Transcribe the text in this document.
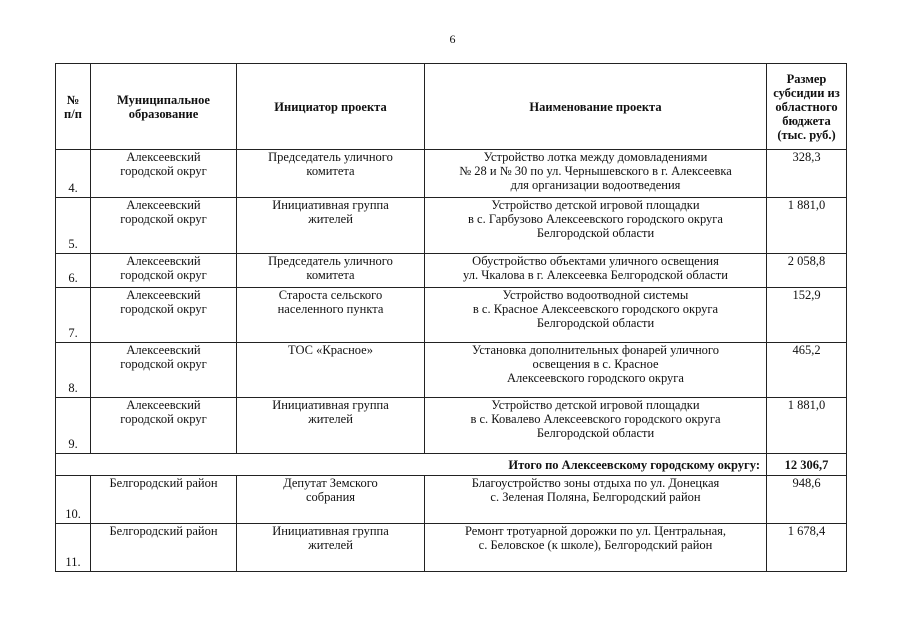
6
№
п/п	Муниципальное
образование	Инициатор проекта	Наименование проекта	Размер
субсидии из
областного
бюджета
(тыс. руб.)

4.	Алексеевский
городской округ	Председатель уличного
комитета	Устройство лотка между домовладениями
№ 28 и № 30 по ул. Чернышевского в г. Алексеевка
для организации водоотведения	328,3
5.	Алексеевский
городской округ	Инициативная группа
жителей	Устройство детской игровой площадки
в с. Гарбузово Алексеевского городского округа
Белгородской области	1 881,0
6.	Алексеевский
городской округ	Председатель уличного
комитета	Обустройство объектами уличного освещения
ул. Чкалова в г. Алексеевка Белгородской области	2 058,8
7.	Алексеевский
городской округ	Староста сельского
населенного пункта	Устройство водоотводной системы
в с. Красное Алексеевского городского округа
Белгородской области	152,9
8.	Алексеевский
городской округ	ТОС «Красное»	Установка дополнительных фонарей уличного
освещения в с. Красное
Алексеевского городского округа	465,2
9.	Алексеевский
городской округ	Инициативная группа
жителей	Устройство детской игровой площадки
в с. Ковалево Алексеевского городского округа
Белгородской области	1 881,0
Итого по Алексеевскому городскому округу:				12 306,7
10.	Белгородский район	Депутат Земского
собрания	Благоустройство зоны отдыха по ул. Донецкая
с. Зеленая Поляна, Белгородский район	948,6
11.	Белгородский район	Инициативная группа
жителей	Ремонт тротуарной дорожки по ул. Центральная,
с. Беловское (к школе), Белгородский район	1 678,4
